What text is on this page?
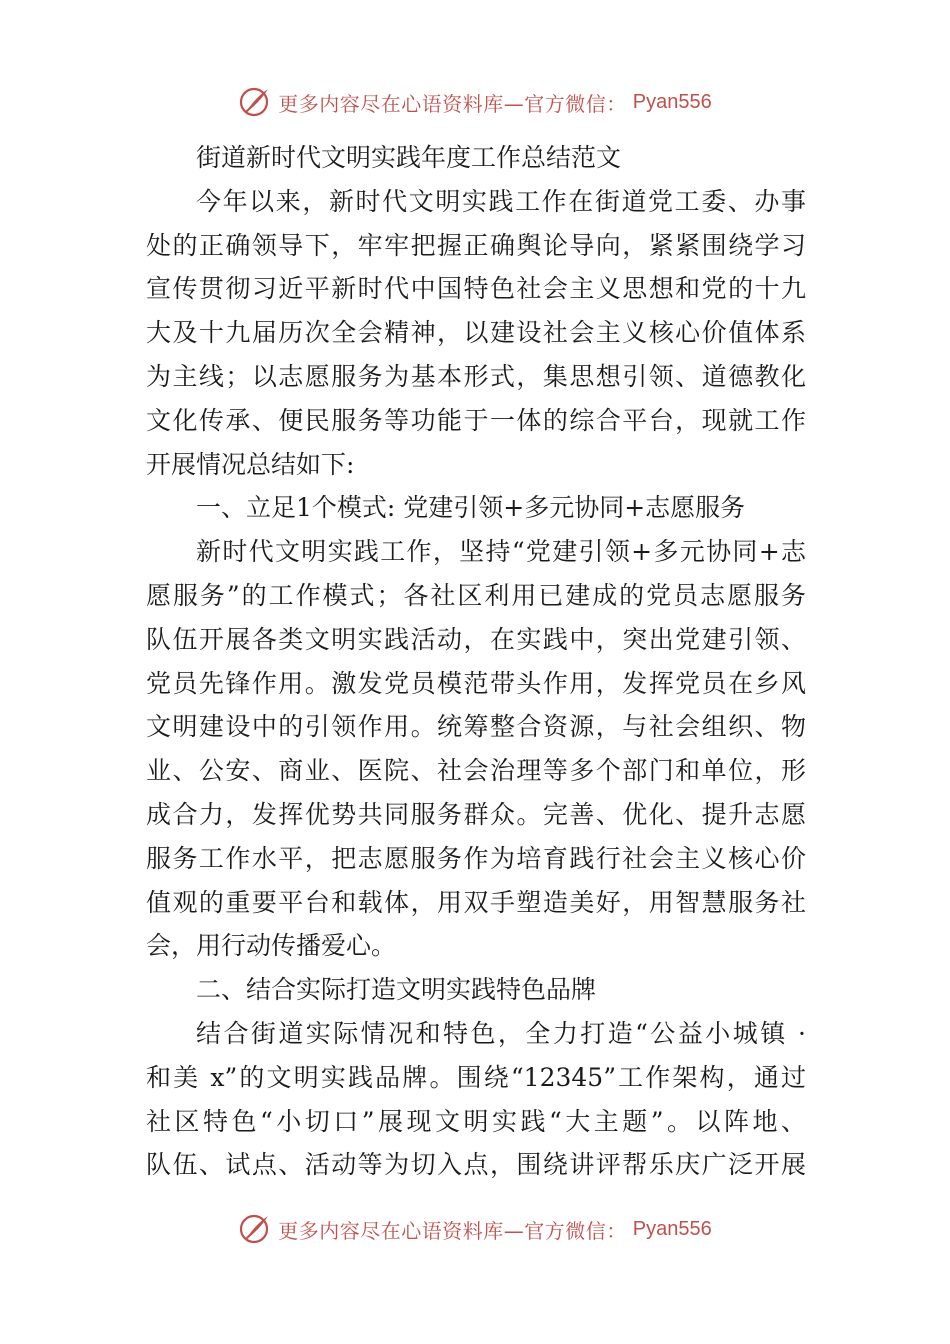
更多内容尽在心语资料库—官方微信： Pyan556
街道新时代文明实践年度工作总结范文
今年以来，新时代文明实践工作在街道党工委、办事
处的正确领导下，牢牢把握正确舆论导向，紧紧围绕学习
宣传贯彻习近平新时代中国特色社会主义思想和党的十九
大及十九届历次全会精神，以建设社会主义核心价值体系
为主线；以志愿服务为基本形式，集思想引领、道德教化
文化传承、便民服务等功能于一体的综合平台，现就工作
开展情况总结如下:
一、立足1个模式: 党建引领+多元协同+志愿服务
新时代文明实践工作，坚持“党建引领+多元协同+志
愿服务”的工作模式；各社区利用已建成的党员志愿服务
队伍开展各类文明实践活动，在实践中，突出党建引领、
党员先锋作用。激发党员模范带头作用，发挥党员在乡风
文明建设中的引领作用。统筹整合资源，与社会组织、物
业、公安、商业、医院、社会治理等多个部门和单位，形
成合力，发挥优势共同服务群众。完善、优化、提升志愿
服务工作水平，把志愿服务作为培育践行社会主义核心价
值观的重要平台和载体，用双手塑造美好，用智慧服务社
会，用行动传播爱心。
二、结合实际打造文明实践特色品牌
结合街道实际情况和特色，全力打造“公益小城镇 ·
和美 x”的文明实践品牌。围绕“12345”工作架构，通过
社区特色“小切口”展现文明实践“大主题”。以阵地、
队伍、试点、活动等为切入点，围绕讲评帮乐庆广泛开展
更多内容尽在心语资料库—官方微信： Pyan556
